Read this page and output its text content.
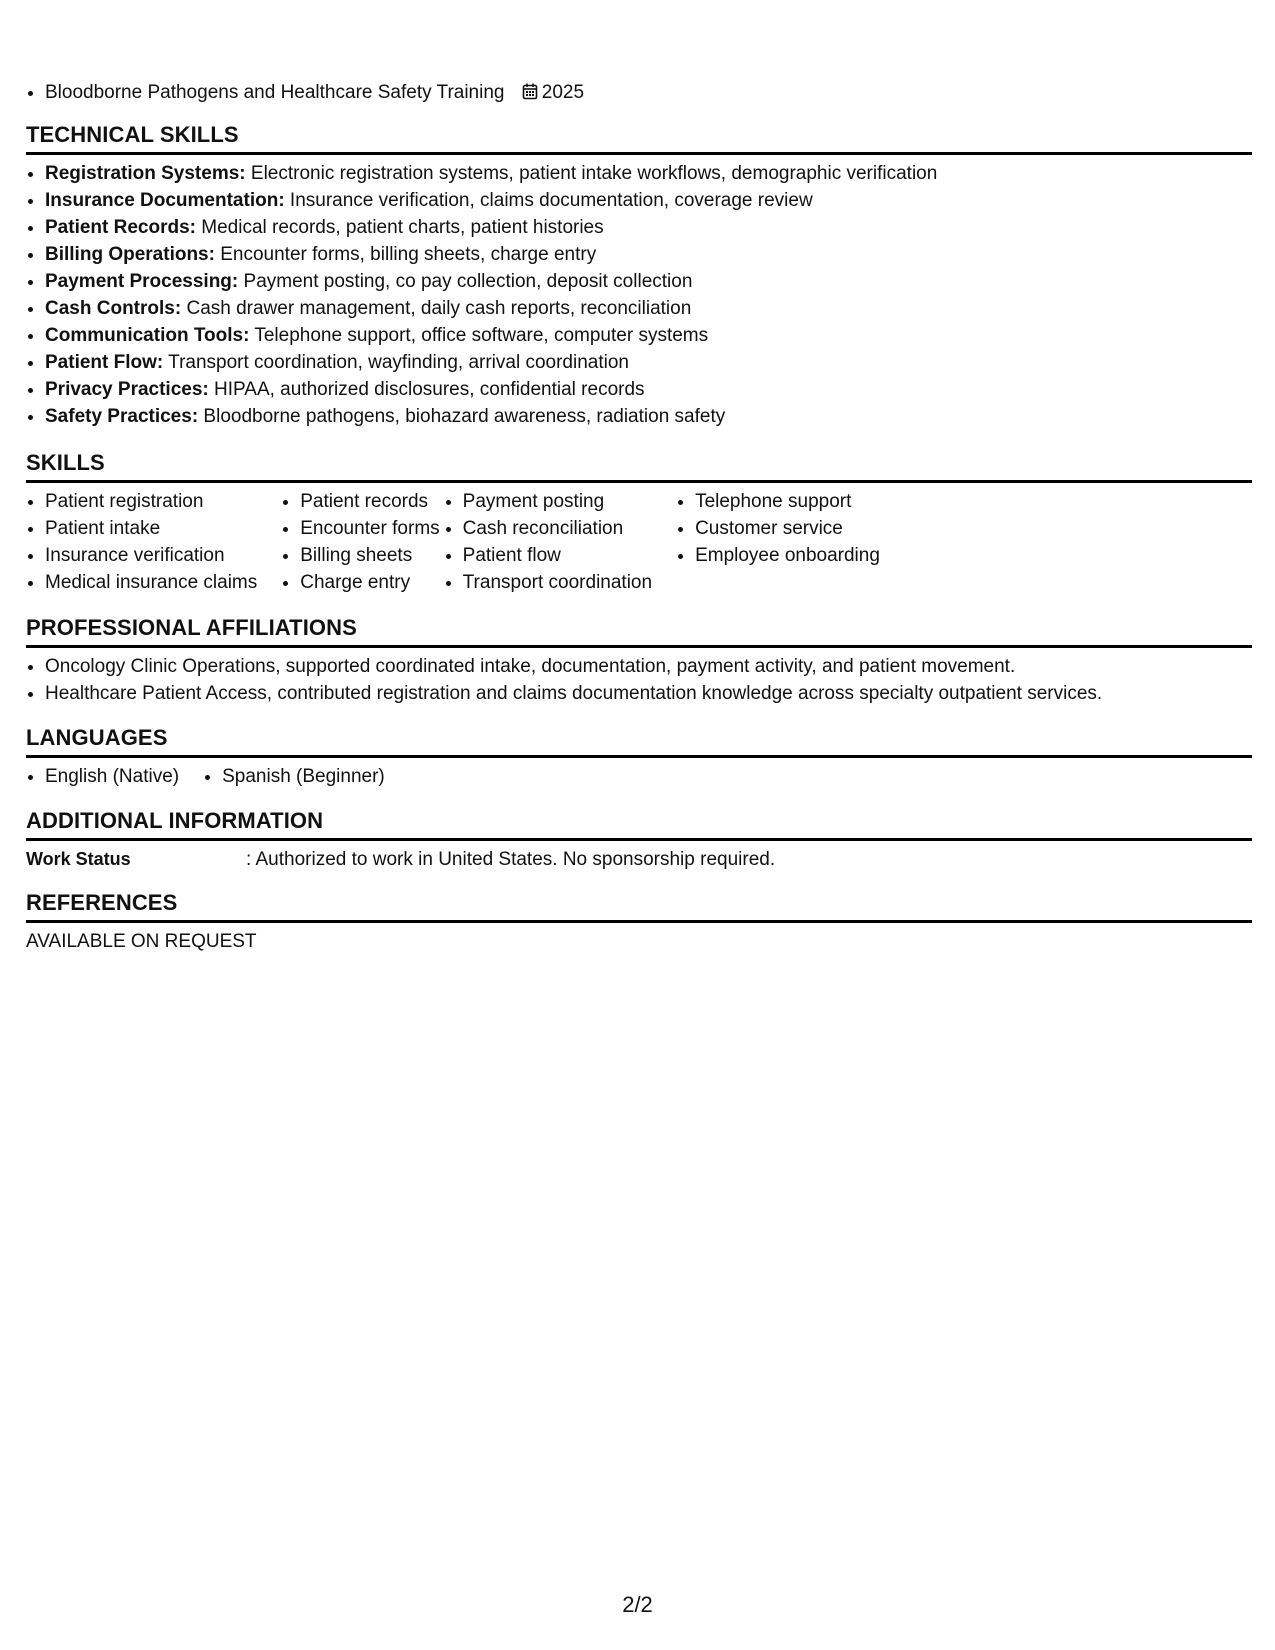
• Bloodborne Pathogens and Healthcare Safety Training 2025
TECHNICAL SKILLS
• Registration Systems: Electronic registration systems, patient intake workflows, demographic verification
• Insurance Documentation: Insurance verification, claims documentation, coverage review
• Patient Records: Medical records, patient charts, patient histories
• Billing Operations: Encounter forms, billing sheets, charge entry
• Payment Processing: Payment posting, co pay collection, deposit collection
• Cash Controls: Cash drawer management, daily cash reports, reconciliation
• Communication Tools: Telephone support, office software, computer systems
• Patient Flow: Transport coordination, wayfinding, arrival coordination
• Privacy Practices: HIPAA, authorized disclosures, confidential records
• Safety Practices: Bloodborne pathogens, biohazard awareness, radiation safety
SKILLS
• Patient registration
• Patient intake
• Insurance verification
• Medical insurance claims
• Patient records
• Encounter forms
• Billing sheets
• Charge entry
• Payment posting
• Cash reconciliation
• Patient flow
• Transport coordination
• Telephone support
• Customer service
• Employee onboarding
PROFESSIONAL AFFILIATIONS
• Oncology Clinic Operations, supported coordinated intake, documentation, payment activity, and patient movement.
• Healthcare Patient Access, contributed registration and claims documentation knowledge across specialty outpatient services.
LANGUAGES
• English (Native)
• Spanish (Beginner)
ADDITIONAL INFORMATION
Work Status	: Authorized to work in United States. No sponsorship required.
REFERENCES

AVAILABLE ON REQUEST

2/2
